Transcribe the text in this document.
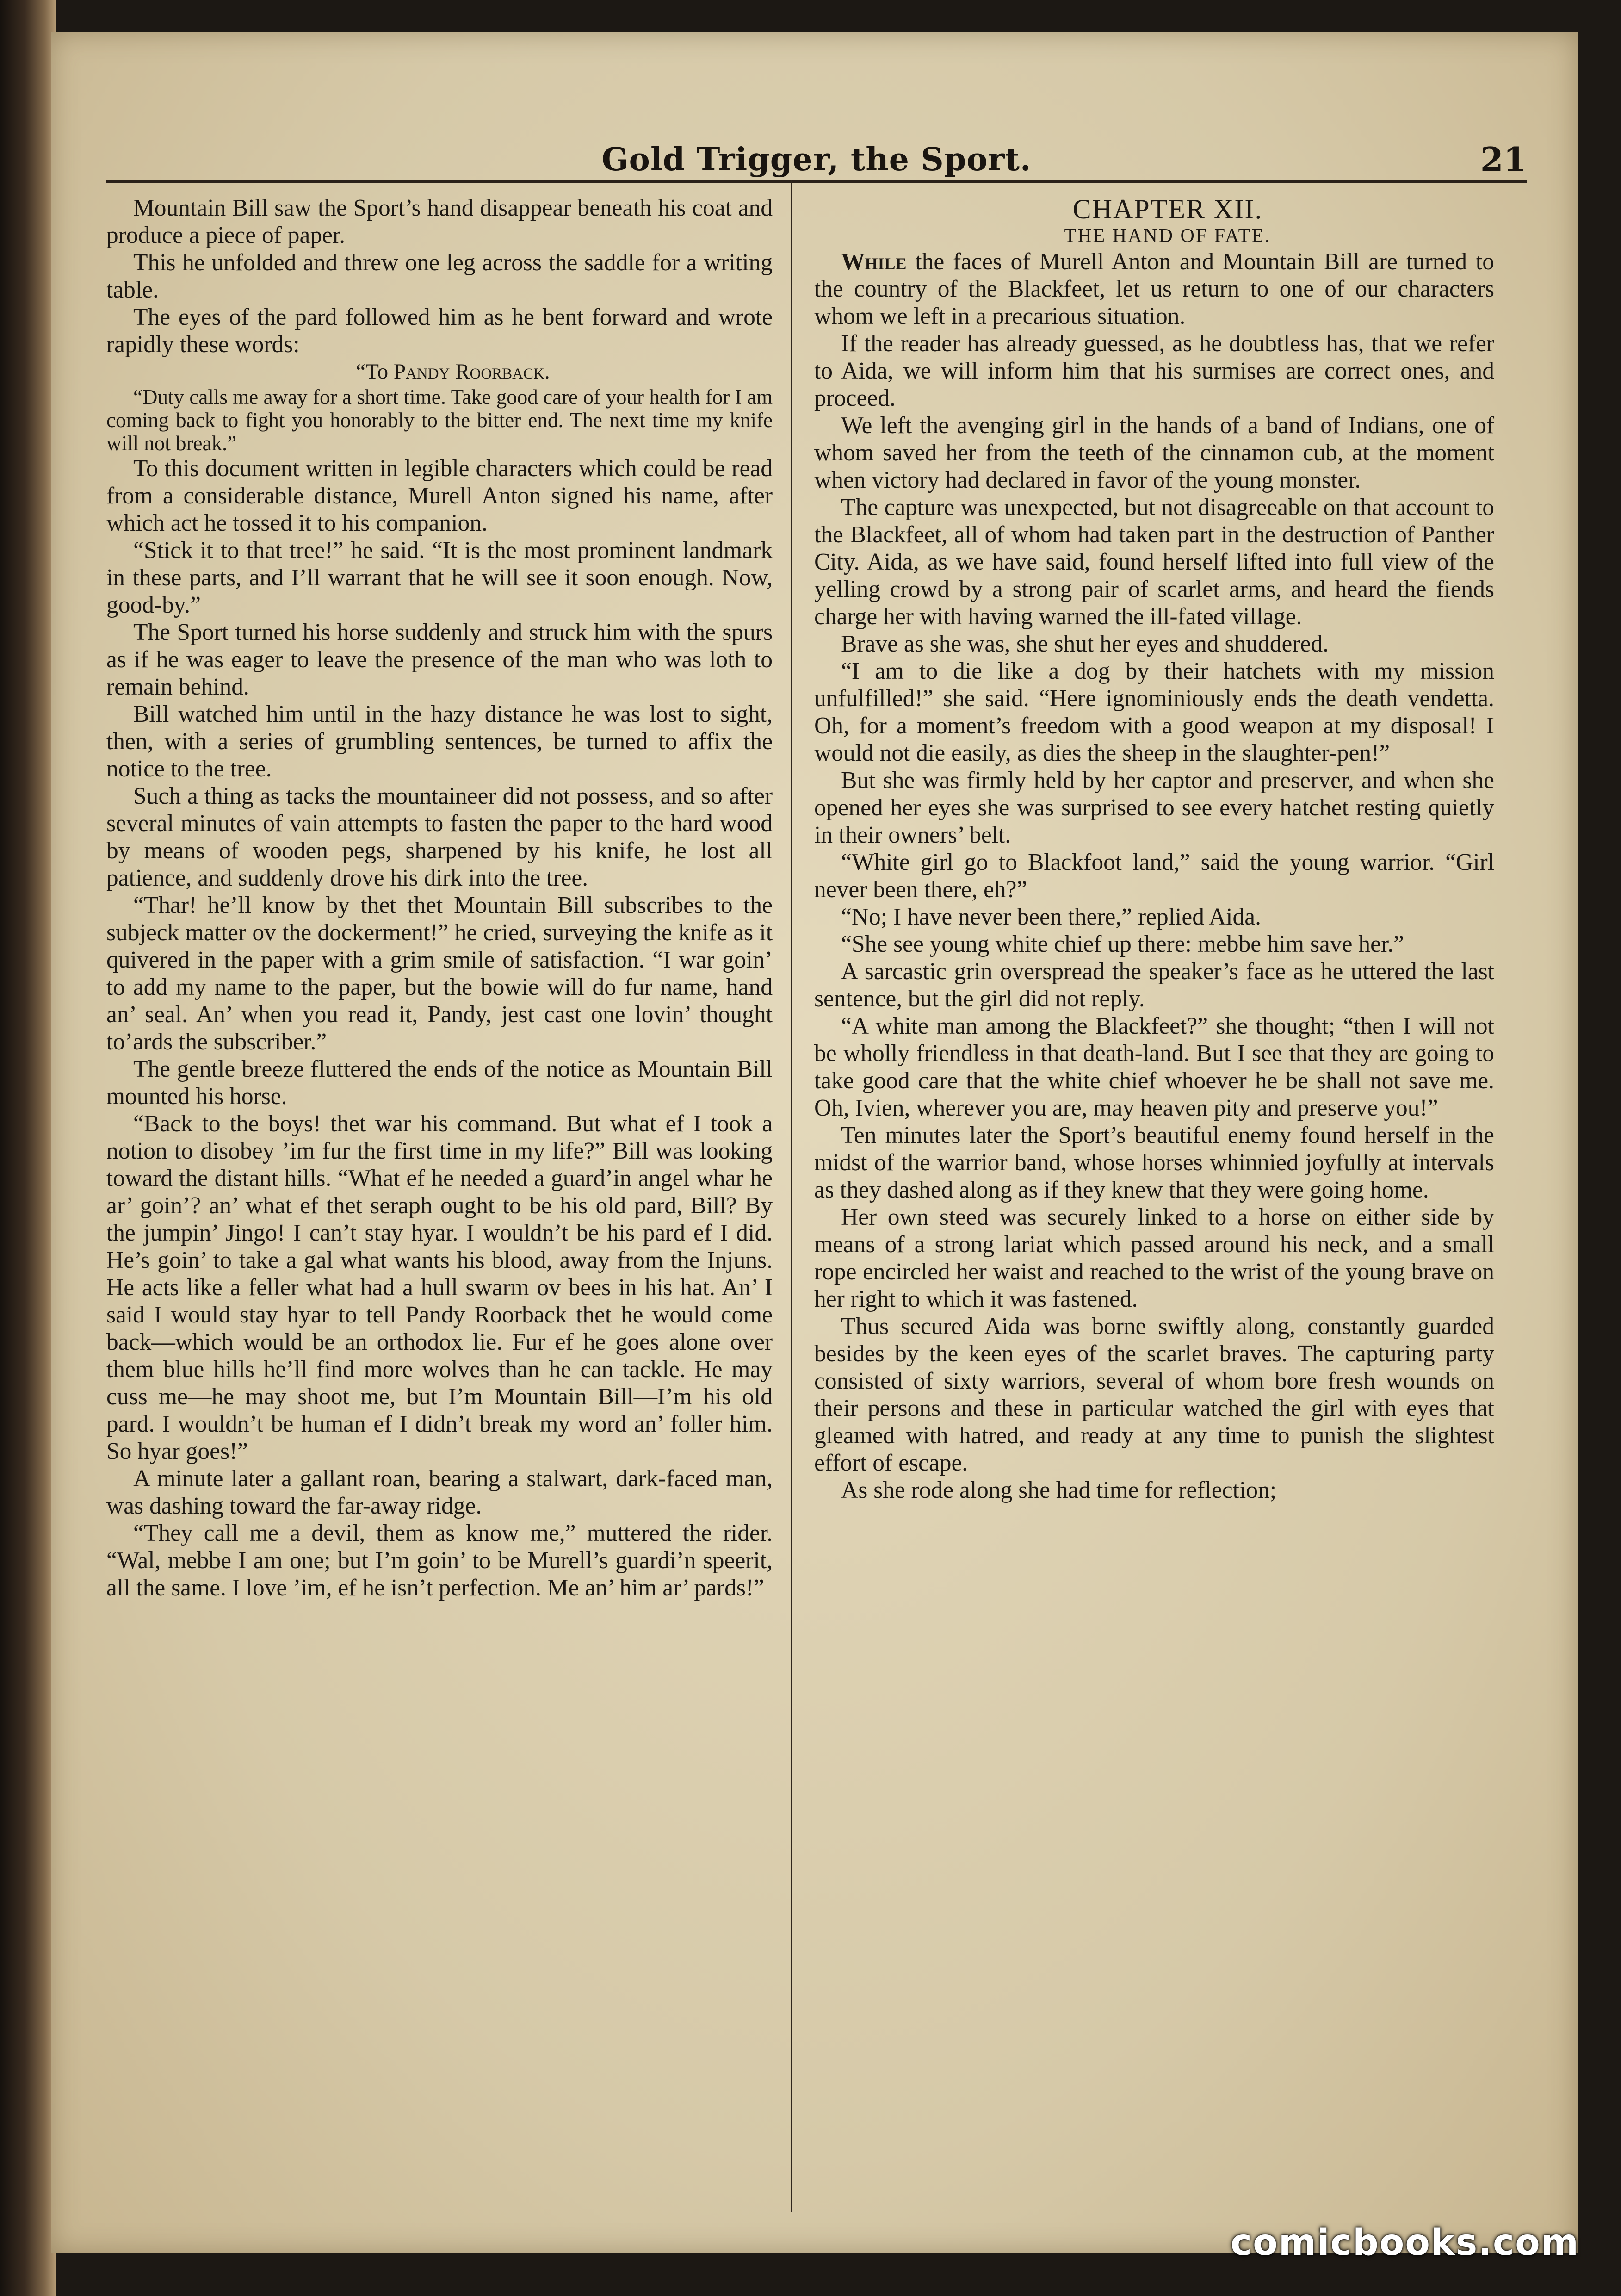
Gold Trigger, the Sport.	21

Mountain Bill saw the Sport’s hand disappear beneath his coat and produce a piece of paper.

This he unfolded and threw one leg across the saddle for a writing table.

The eyes of the pard followed him as he bent forward and wrote rapidly these words:

“To Pandy Roorback.

“Duty calls me away for a short time. Take good care of your health for I am coming back to fight you honorably to the bitter end. The next time my knife will not break.”

To this document written in legible characters which could be read from a considerable distance, Murell Anton signed his name, after which act he tossed it to his companion.

“Stick it to that tree!” he said. “It is the most prominent landmark in these parts, and I’ll warrant that he will see it soon enough. Now, good-by.”

The Sport turned his horse suddenly and struck him with the spurs as if he was eager to leave the presence of the man who was loth to remain behind.

Bill watched him until in the hazy distance he was lost to sight, then, with a series of grumbling sentences, be turned to affix the notice to the tree.

Such a thing as tacks the mountaineer did not possess, and so after several minutes of vain attempts to fasten the paper to the hard wood by means of wooden pegs, sharpened by his knife, he lost all patience, and suddenly drove his dirk into the tree.

“Thar! he’ll know by thet thet Mountain Bill subscribes to the subjeck matter ov the dockerment!” he cried, surveying the knife as it quivered in the paper with a grim smile of satisfaction. “I war goin’ to add my name to the paper, but the bowie will do fur name, hand an’ seal. An’ when you read it, Pandy, jest cast one lovin’ thought to’ards the subscriber.”

The gentle breeze fluttered the ends of the notice as Mountain Bill mounted his horse.

“Back to the boys! thet war his command. But what ef I took a notion to disobey ’im fur the first time in my life?” Bill was looking toward the distant hills. “What ef he needed a guard’in angel whar he ar’ goin’? an’ what ef thet seraph ought to be his old pard, Bill? By the jumpin’ Jingo! I can’t stay hyar. I wouldn’t be his pard ef I did. He’s goin’ to take a gal what wants his blood, away from the Injuns. He acts like a feller what had a hull swarm ov bees in his hat. An’ I said I would stay hyar to tell Pandy Roorback thet he would come back—which would be an orthodox lie. Fur ef he goes alone over them blue hills he’ll find more wolves than he can tackle. He may cuss me—he may shoot me, but I’m Mountain Bill—I’m his old pard. I wouldn’t be human ef I didn’t break my word an’ foller him. So hyar goes!”

A minute later a gallant roan, bearing a stalwart, dark-faced man, was dashing toward the far-away ridge.

“They call me a devil, them as know me,” muttered the rider. “Wal, mebbe I am one; but I’m goin’ to be Murell’s guardi’n speerit, all the same. I love ’im, ef he isn’t perfection. Me an’ him ar’ pards!”

CHAPTER XII.

THE HAND OF FATE.

While the faces of Murell Anton and Mountain Bill are turned to the country of the Blackfeet, let us return to one of our characters whom we left in a precarious situation.

If the reader has already guessed, as he doubtless has, that we refer to Aida, we will inform him that his surmises are correct ones, and proceed.

We left the avenging girl in the hands of a band of Indians, one of whom saved her from the teeth of the cinnamon cub, at the moment when victory had declared in favor of the young monster.

The capture was unexpected, but not disagreeable on that account to the Blackfeet, all of whom had taken part in the destruction of Panther City. Aida, as we have said, found herself lifted into full view of the yelling crowd by a strong pair of scarlet arms, and heard the fiends charge her with having warned the ill-fated village.

Brave as she was, she shut her eyes and shuddered.

“I am to die like a dog by their hatchets with my mission unfulfilled!” she said. “Here ignominiously ends the death vendetta. Oh, for a moment’s freedom with a good weapon at my disposal! I would not die easily, as dies the sheep in the slaughter-pen!”

But she was firmly held by her captor and preserver, and when she opened her eyes she was surprised to see every hatchet resting quietly in their owners’ belt.

“White girl go to Blackfoot land,” said the young warrior. “Girl never been there, eh?”

“No; I have never been there,” replied Aida.

“She see young white chief up there: mebbe him save her.”

A sarcastic grin overspread the speaker’s face as he uttered the last sentence, but the girl did not reply.

“A white man among the Blackfeet?” she thought; “then I will not be wholly friendless in that death-land. But I see that they are going to take good care that the white chief whoever he be shall not save me. Oh, Ivien, wherever you are, may heaven pity and preserve you!”

Ten minutes later the Sport’s beautiful enemy found herself in the midst of the warrior band, whose horses whinnied joyfully at intervals as they dashed along as if they knew that they were going home.

Her own steed was securely linked to a horse on either side by means of a strong lariat which passed around his neck, and a small rope encircled her waist and reached to the wrist of the young brave on her right to which it was fastened.

Thus secured Aida was borne swiftly along, constantly guarded besides by the keen eyes of the scarlet braves. The capturing party consisted of sixty warriors, several of whom bore fresh wounds on their persons and these in particular watched the girl with eyes that gleamed with hatred, and ready at any time to punish the slightest effort of escape.

As she rode along she had time for reflection;

comicbooks.com
